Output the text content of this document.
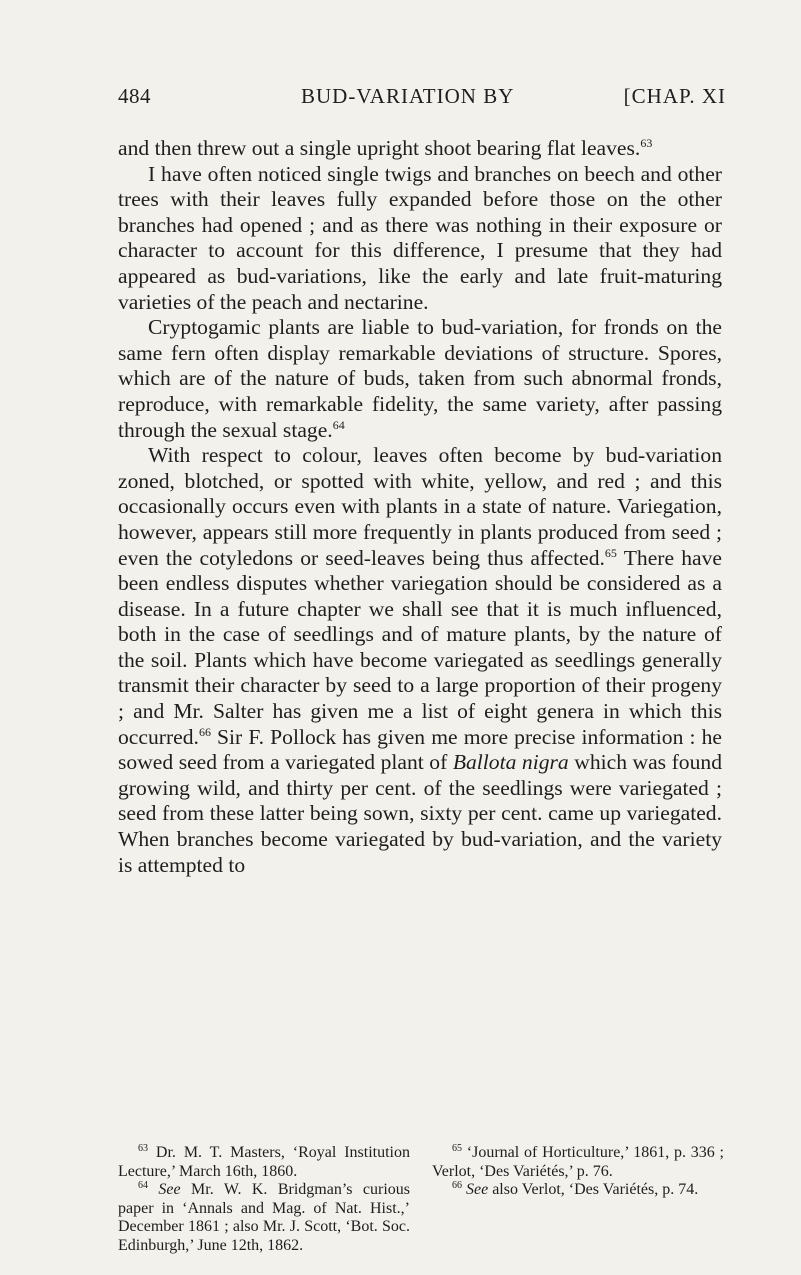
484	BUD-VARIATION BY	[CHAP. XI

and then threw out a single upright shoot bearing flat leaves.$^{63}$

I have often noticed single twigs and branches on beech and other trees with their leaves fully expanded before those on the other branches had opened ; and as there was nothing in their exposure or character to account for this difference, I presume that they had appeared as bud-variations, like the early and late fruit-maturing varieties of the peach and nectarine.

Cryptogamic plants are liable to bud-variation, for fronds on the same fern often display remarkable deviations of structure. Spores, which are of the nature of buds, taken from such abnormal fronds, reproduce, with remarkable fidelity, the same variety, after passing through the sexual stage.$^{64}$

With respect to colour, leaves often become by bud-variation zoned, blotched, or spotted with white, yellow, and red ; and this occasionally occurs even with plants in a state of nature. Variegation, however, appears still more frequently in plants produced from seed ; even the cotyledons or seed-leaves being thus affected.$^{65}$ There have been endless disputes whether variegation should be considered as a disease. In a future chapter we shall see that it is much influenced, both in the case of seedlings and of mature plants, by the nature of the soil. Plants which have become variegated as seedlings generally transmit their character by seed to a large proportion of their progeny ; and Mr. Salter has given me a list of eight genera in which this occurred.$^{66}$ Sir F. Pollock has given me more precise information : he sowed seed from a variegated plant of Ballota nigra which was found growing wild, and thirty per cent. of the seedlings were variegated ; seed from these latter being sown, sixty per cent. came up variegated. When branches become variegated by bud-variation, and the variety is attempted to

$^{63}$ Dr. M. T. Masters, ‘Royal Institution Lecture,’ March 16th, 1860.

$^{64}$ See Mr. W. K. Bridgman’s curious paper in ‘Annals and Mag. of Nat. Hist.,’ December 1861 ; also Mr. J. Scott, ‘Bot. Soc. Edinburgh,’ June 12th, 1862.

$^{65}$ ‘Journal of Horticulture,’ 1861, p. 336 ; Verlot, ‘Des Variétés,’ p. 76.

$^{66}$ See also Verlot, ‘Des Variétés, p. 74.
